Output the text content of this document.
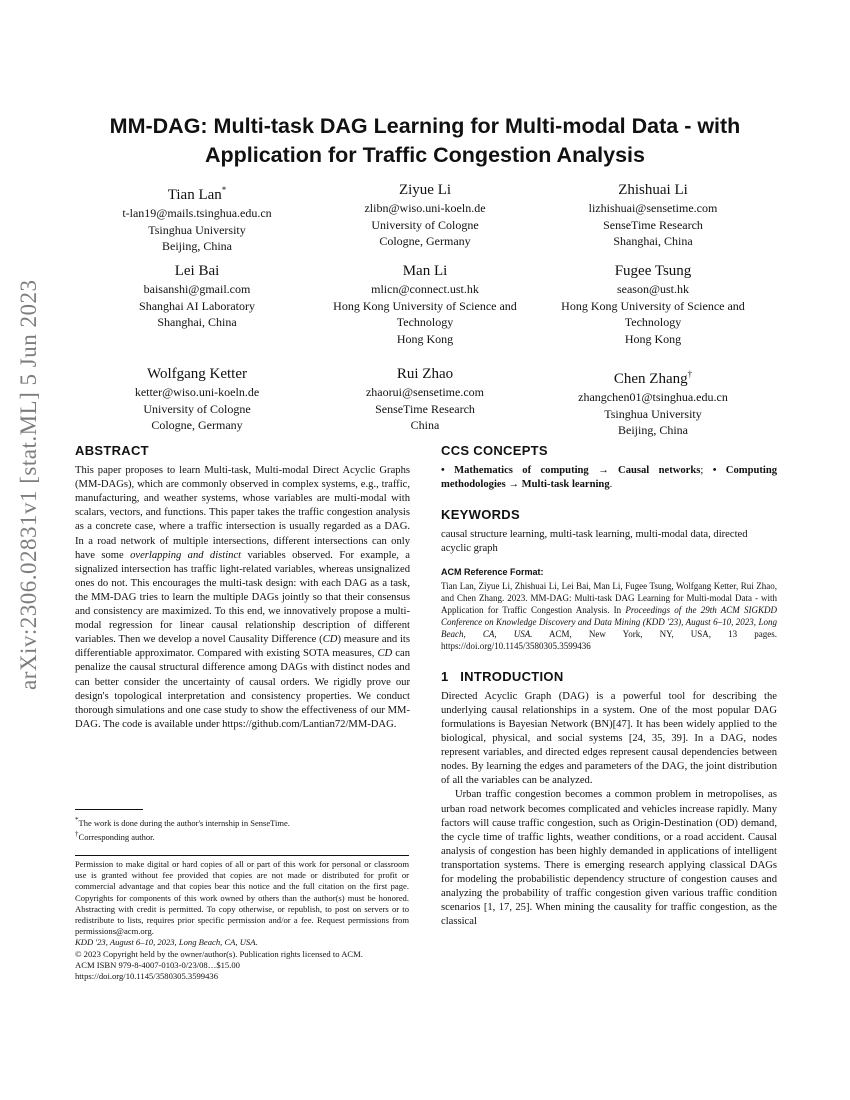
arXiv:2306.02831v1 [stat.ML] 5 Jun 2023
MM-DAG: Multi-task DAG Learning for Multi-modal Data - with
Application for Traffic Congestion Analysis
Tian Lan*
t-lan19@mails.tsinghua.edu.cn
Tsinghua University
Beijing, China
Ziyue Li
zlibn@wiso.uni-koeln.de
University of Cologne
Cologne, Germany
Zhishuai Li
lizhishuai@sensetime.com
SenseTime Research
Shanghai, China
Lei Bai
baisanshi@gmail.com
Shanghai AI Laboratory
Shanghai, China
Man Li
mlicn@connect.ust.hk
Hong Kong University of Science and Technology
Hong Kong
Fugee Tsung
season@ust.hk
Hong Kong University of Science and Technology
Hong Kong
Wolfgang Ketter
ketter@wiso.uni-koeln.de
University of Cologne
Cologne, Germany
Rui Zhao
zhaorui@sensetime.com
SenseTime Research
China
Chen Zhang†
zhangchen01@tsinghua.edu.cn
Tsinghua University
Beijing, China
ABSTRACT

This paper proposes to learn Multi-task, Multi-modal Direct Acyclic Graphs (MM-DAGs), which are commonly observed in complex systems, e.g., traffic, manufacturing, and weather systems, whose variables are multi-modal with scalars, vectors, and functions. This paper takes the traffic congestion analysis as a concrete case, where a traffic intersection is usually regarded as a DAG. In a road network of multiple intersections, different intersections can only have some overlapping and distinct variables observed. For example, a signalized intersection has traffic light-related variables, whereas unsignalized ones do not. This encourages the multi-task design: with each DAG as a task, the MM-DAG tries to learn the multiple DAGs jointly so that their consensus and consistency are maximized. To this end, we innovatively propose a multi-modal regression for linear causal relationship description of different variables. Then we develop a novel Causality Difference (CD) measure and its differentiable approximator. Compared with existing SOTA measures, CD can penalize the causal structural difference among DAGs with distinct nodes and can better consider the uncertainty of causal orders. We rigidly prove our design's topological interpretation and consistency properties. We conduct thorough simulations and one case study to show the effectiveness of our MM-DAG. The code is available under https://github.com/Lantian72/MM-DAG.

*The work is done during the author's internship in SenseTime.
†Corresponding author.
Permission to make digital or hard copies of all or part of this work for personal or classroom use is granted without fee provided that copies are not made or distributed for profit or commercial advantage and that copies bear this notice and the full citation on the first page. Copyrights for components of this work owned by others than the author(s) must be honored. Abstracting with credit is permitted. To copy otherwise, or republish, to post on servers or to redistribute to lists, requires prior specific permission and/or a fee. Request permissions from permissions@acm.org.
KDD '23, August 6–10, 2023, Long Beach, CA, USA.
© 2023 Copyright held by the owner/author(s). Publication rights licensed to ACM.
ACM ISBN 979-8-4007-0103-0/23/08…$15.00
https://doi.org/10.1145/3580305.3599436
CCS CONCEPTS

• Mathematics of computing → Causal networks; • Computing methodologies → Multi-task learning.

KEYWORDS

causal structure learning, multi-task learning, multi-modal data, directed acyclic graph

ACM Reference Format:

Tian Lan, Ziyue Li, Zhishuai Li, Lei Bai, Man Li, Fugee Tsung, Wolfgang Ketter, Rui Zhao, and Chen Zhang. 2023. MM-DAG: Multi-task DAG Learning for Multi-modal Data - with Application for Traffic Congestion Analysis. In Proceedings of the 29th ACM SIGKDD Conference on Knowledge Discovery and Data Mining (KDD '23), August 6–10, 2023, Long Beach, CA, USA. ACM, New York, NY, USA, 13 pages. https://doi.org/10.1145/3580305.3599436

1   INTRODUCTION

Directed Acyclic Graph (DAG) is a powerful tool for describing the underlying causal relationships in a system. One of the most popular DAG formulations is Bayesian Network (BN)[47]. It has been widely applied to the biological, physical, and social systems [24, 35, 39]. In a DAG, nodes represent variables, and directed edges represent causal dependencies between nodes. By learning the edges and parameters of the DAG, the joint distribution of all the variables can be analyzed.

Urban traffic congestion becomes a common problem in metropolises, as urban road network becomes complicated and vehicles increase rapidly. Many factors will cause traffic congestion, such as Origin-Destination (OD) demand, the cycle time of traffic lights, weather conditions, or a road accident. Causal analysis of congestion has been highly demanded in applications of intelligent transportation systems. There is emerging research applying classical DAGs for modeling the probabilistic dependency structure of congestion causes and analyzing the probability of traffic congestion given various traffic condition scenarios [1, 17, 25]. When mining the causality for traffic congestion, as the classical
